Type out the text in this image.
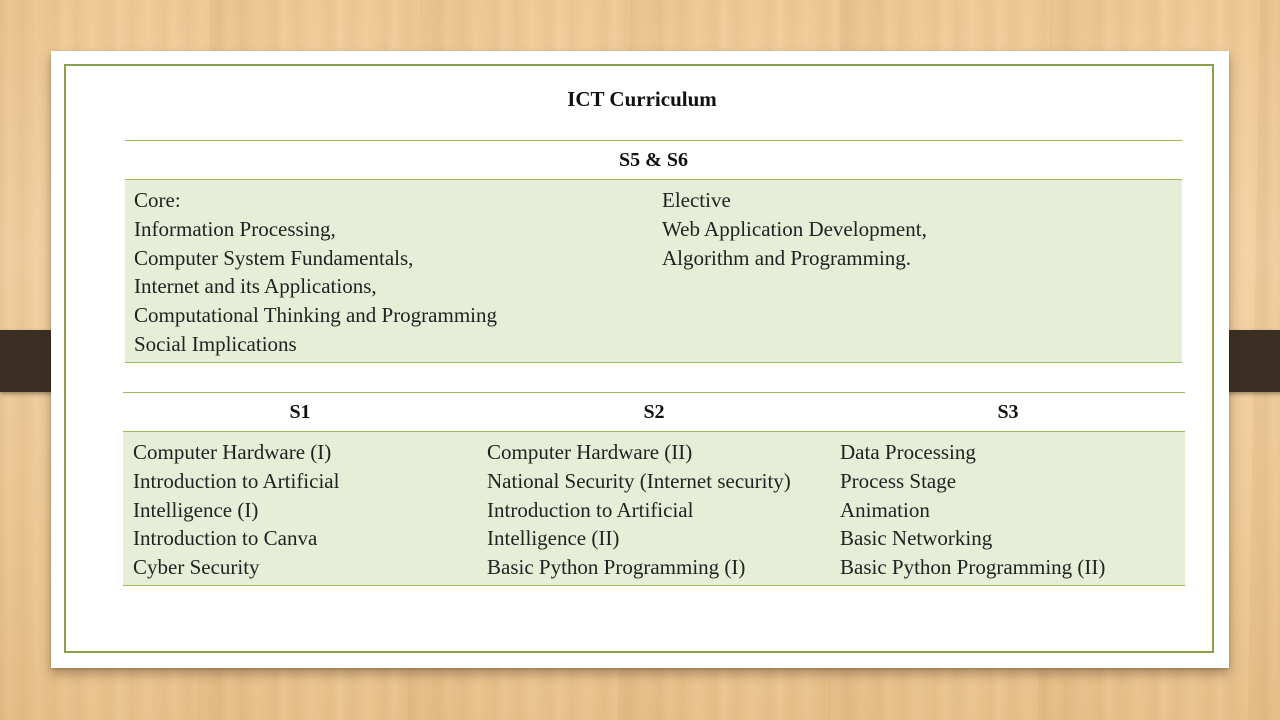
ICT Curriculum
S5 & S6
Core:
Information Processing,
Computer System Fundamentals,
Internet and its Applications,
Computational Thinking and Programming
Social Implications
Elective
Web Application Development,
Algorithm and Programming.
S1	S2	S3
Computer Hardware (I)
Introduction to Artificial
Intelligence (I)
Introduction to Canva
Cyber Security
Computer Hardware (II)
National Security (Internet security)
Introduction to Artificial
Intelligence (II)
Basic Python Programming (I)
Data Processing
Process Stage
Animation
Basic Networking
Basic Python Programming (II)
